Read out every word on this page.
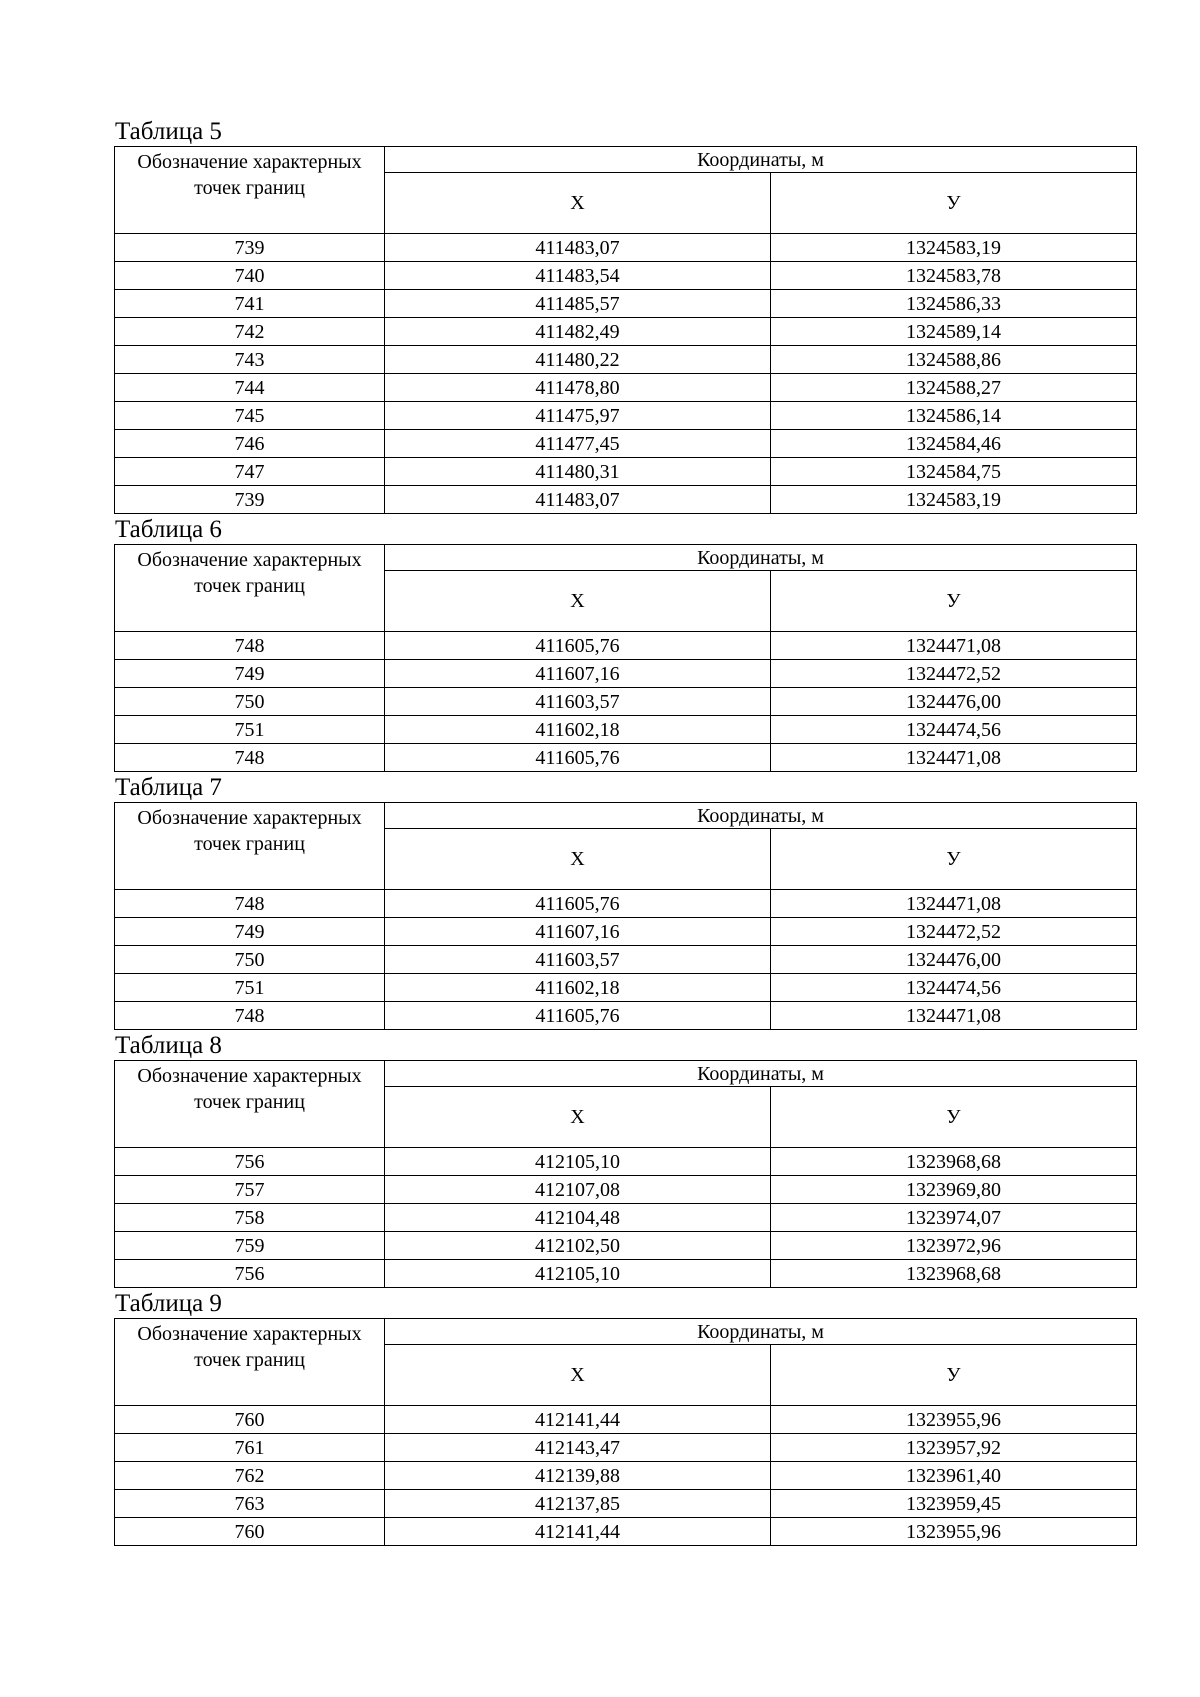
Таблица 5
Обозначение характерных точек границ	Координаты, м	
	X	У
739	411483,07	1324583,19
740	411483,54	1324583,78
741	411485,57	1324586,33
742	411482,49	1324589,14
743	411480,22	1324588,86
744	411478,80	1324588,27
745	411475,97	1324586,14
746	411477,45	1324584,46
747	411480,31	1324584,75
739	411483,07	1324583,19
Таблица 6
Обозначение характерных точек границ	Координаты, м	
	X	У
748	411605,76	1324471,08
749	411607,16	1324472,52
750	411603,57	1324476,00
751	411602,18	1324474,56
748	411605,76	1324471,08
Таблица 7
Обозначение характерных точек границ	Координаты, м	
	X	У
748	411605,76	1324471,08
749	411607,16	1324472,52
750	411603,57	1324476,00
751	411602,18	1324474,56
748	411605,76	1324471,08
Таблица 8
Обозначение характерных точек границ	Координаты, м	
	X	У
756	412105,10	1323968,68
757	412107,08	1323969,80
758	412104,48	1323974,07
759	412102,50	1323972,96
756	412105,10	1323968,68
Таблица 9
Обозначение характерных точек границ	Координаты, м	
	X	У
760	412141,44	1323955,96
761	412143,47	1323957,92
762	412139,88	1323961,40
763	412137,85	1323959,45
760	412141,44	1323955,96
